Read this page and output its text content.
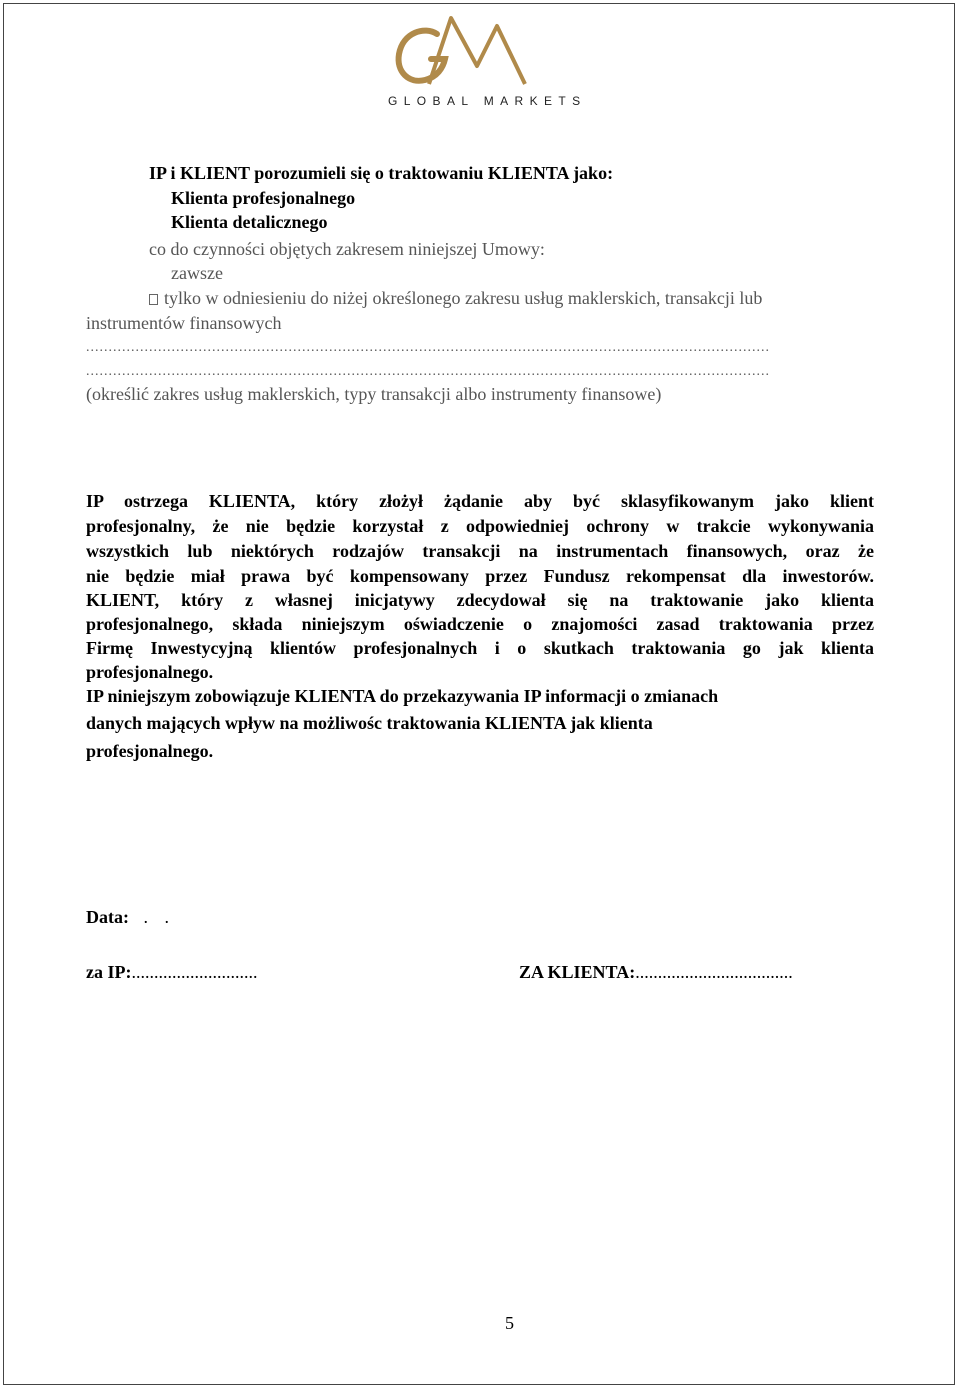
GLOBAL MARKETS
IP i KLIENT porozumieli się o traktowaniu KLIENTA jako:
Klienta profesjonalnego
Klienta detalicznego
co do czynności objętych zakresem niniejszej Umowy:
zawsze
tylko w odniesieniu do niżej określonego zakresu usług maklerskich, transakcji lub
instrumentów finansowych
........................................................................................................................................................
........................................................................................................................................................
(określić zakres usług maklerskich, typy transakcji albo instrumenty finansowe)
IP ostrzega KLIENTA, który złożył żądanie aby być sklasyfikowanym jako klient
profesjonalny, że nie będzie korzystał z odpowiedniej ochrony w trakcie wykonywania
wszystkich lub niektórych rodzajów transakcji na instrumentach finansowych, oraz że
nie będzie miał prawa być kompensowany przez Fundusz rekompensat dla inwestorów.
KLIENT, który z własnej inicjatywy zdecydował się na traktowanie jako klienta
profesjonalnego, składa niniejszym oświadczenie o znajomości zasad traktowania przez
Firmę Inwestycyjną klientów profesjonalnych i o skutkach traktowania go jak klienta
profesjonalnego.
IP niniejszym zobowiązuje KLIENTA do przekazywania IP informacji o zmianach
danych mających wpływ na możliwośc traktowania KLIENTA jak klienta
profesjonalnego.
Data: . .
za IP:............................	ZA KLIENTA:...................................
5
